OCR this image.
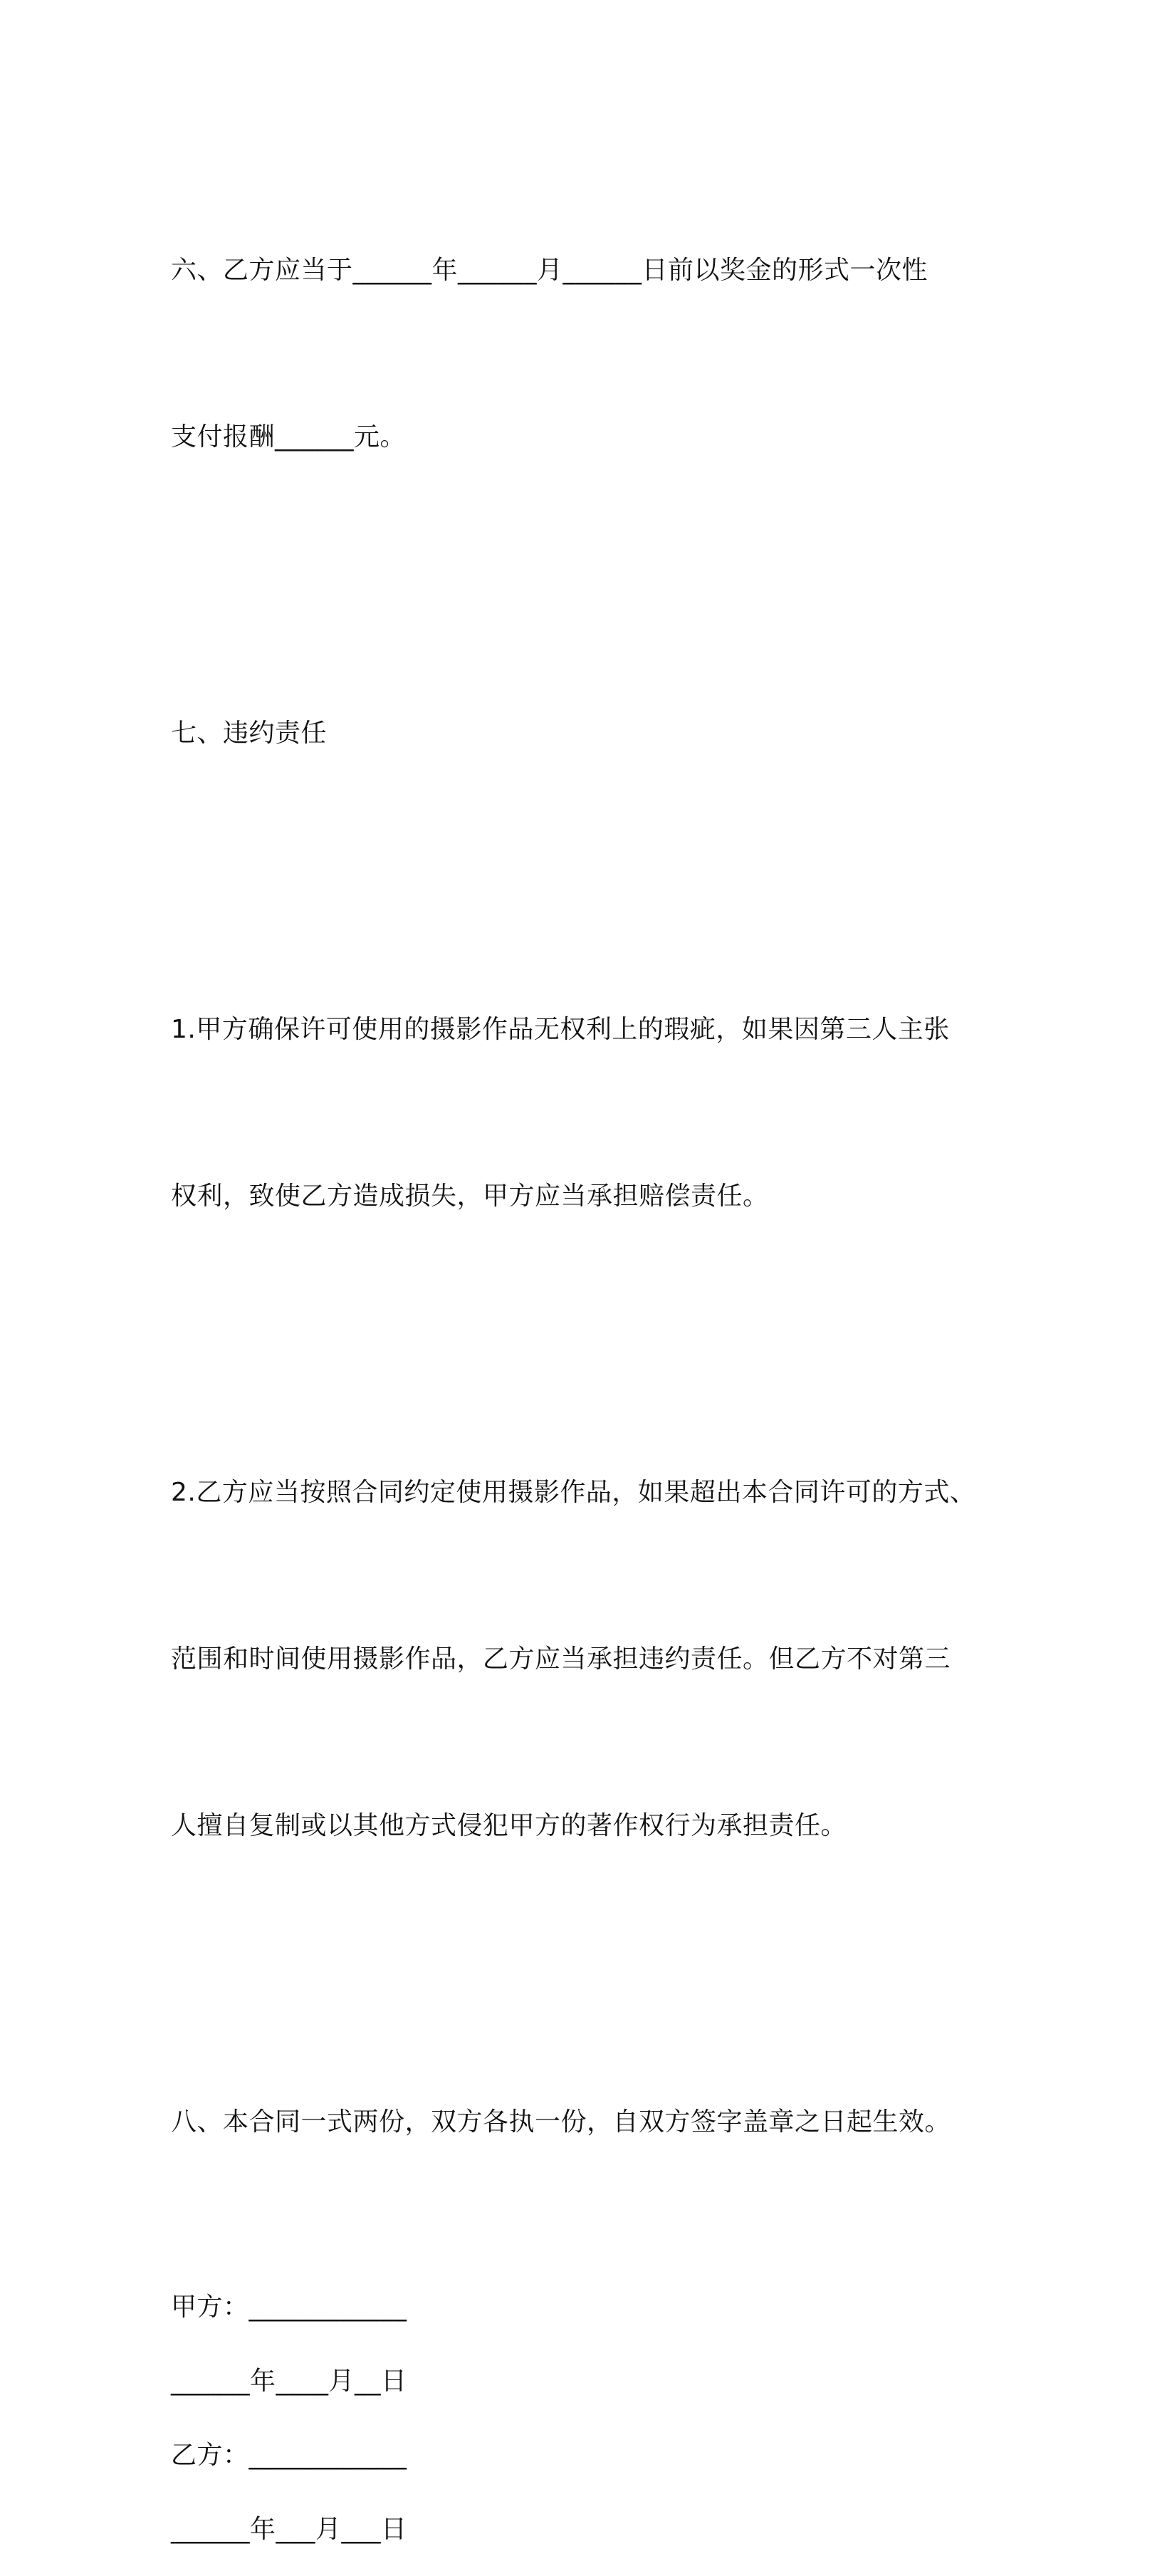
六、乙方应当于______年______月______日前以奖金的形式一次性

支付报酬______元。

七、违约责任

1.甲方确保许可使用的摄影作品无权利上的瑕疵，如果因第三人主张

权利，致使乙方造成损失，甲方应当承担赔偿责任。

2.乙方应当按照合同约定使用摄影作品，如果超出本合同许可的方式、

范围和时间使用摄影作品，乙方应当承担违约责任。但乙方不对第三

人擅自复制或以其他方式侵犯甲方的著作权行为承担责任。

八、本合同一式两份，双方各执一份，自双方签字盖章之日起生效。

甲方：____________

______年____月__日

乙方：____________

______年___月___日
